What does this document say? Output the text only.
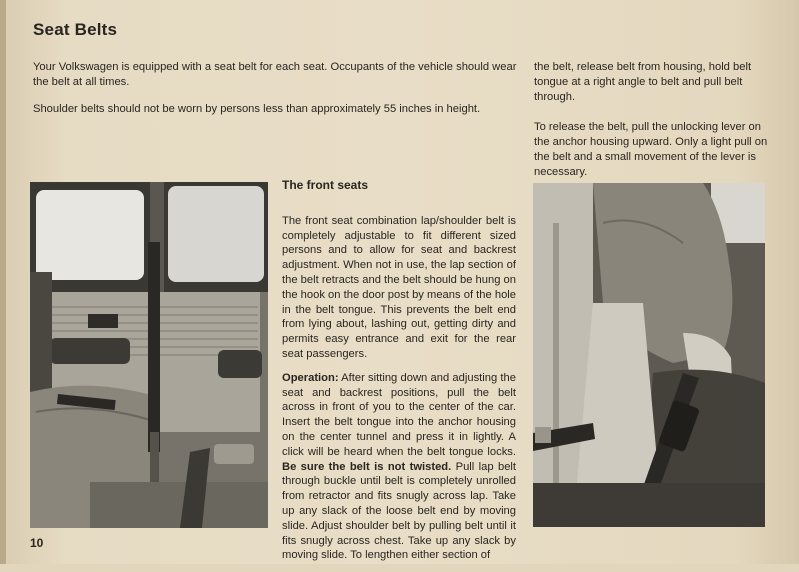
Seat Belts

Your Volkswagen is equipped with a seat belt for each seat. Occupants of the vehicle should wear the belt at all times.

Shoulder belts should not be worn by persons less than approximately 55 inches in height.

the belt, release belt from housing, hold belt tongue at a right angle to belt and pull belt through.

To release the belt, pull the unlocking lever on the anchor housing upward. Only a light pull on the belt and a small movement of the lever is necessary.

The front seats

The front seat combination lap/shoulder belt is completely adjustable to fit different sized persons and to allow for seat and backrest adjustment. When not in use, the lap section of the belt retracts and the belt should be hung on the hook on the door post by means of the hole in the belt tongue. This prevents the belt end from lying about, lashing out, getting dirty and permits easy entrance and exit for the rear seat passengers.

Operation: After sitting down and adjusting the seat and backrest positions, pull the belt across in front of you to the center of the car. Insert the belt tongue into the anchor housing on the center tunnel and press it in lightly. A click will be heard when the belt tongue locks. Be sure the belt is not twisted. Pull lap belt through buckle until belt is completely unrolled from retractor and fits snugly across lap. Take up any slack of the loose belt end by moving slide. Adjust shoulder belt by pulling belt until it fits snugly across chest. Take up any slack by moving slide. To lengthen either section of

10
